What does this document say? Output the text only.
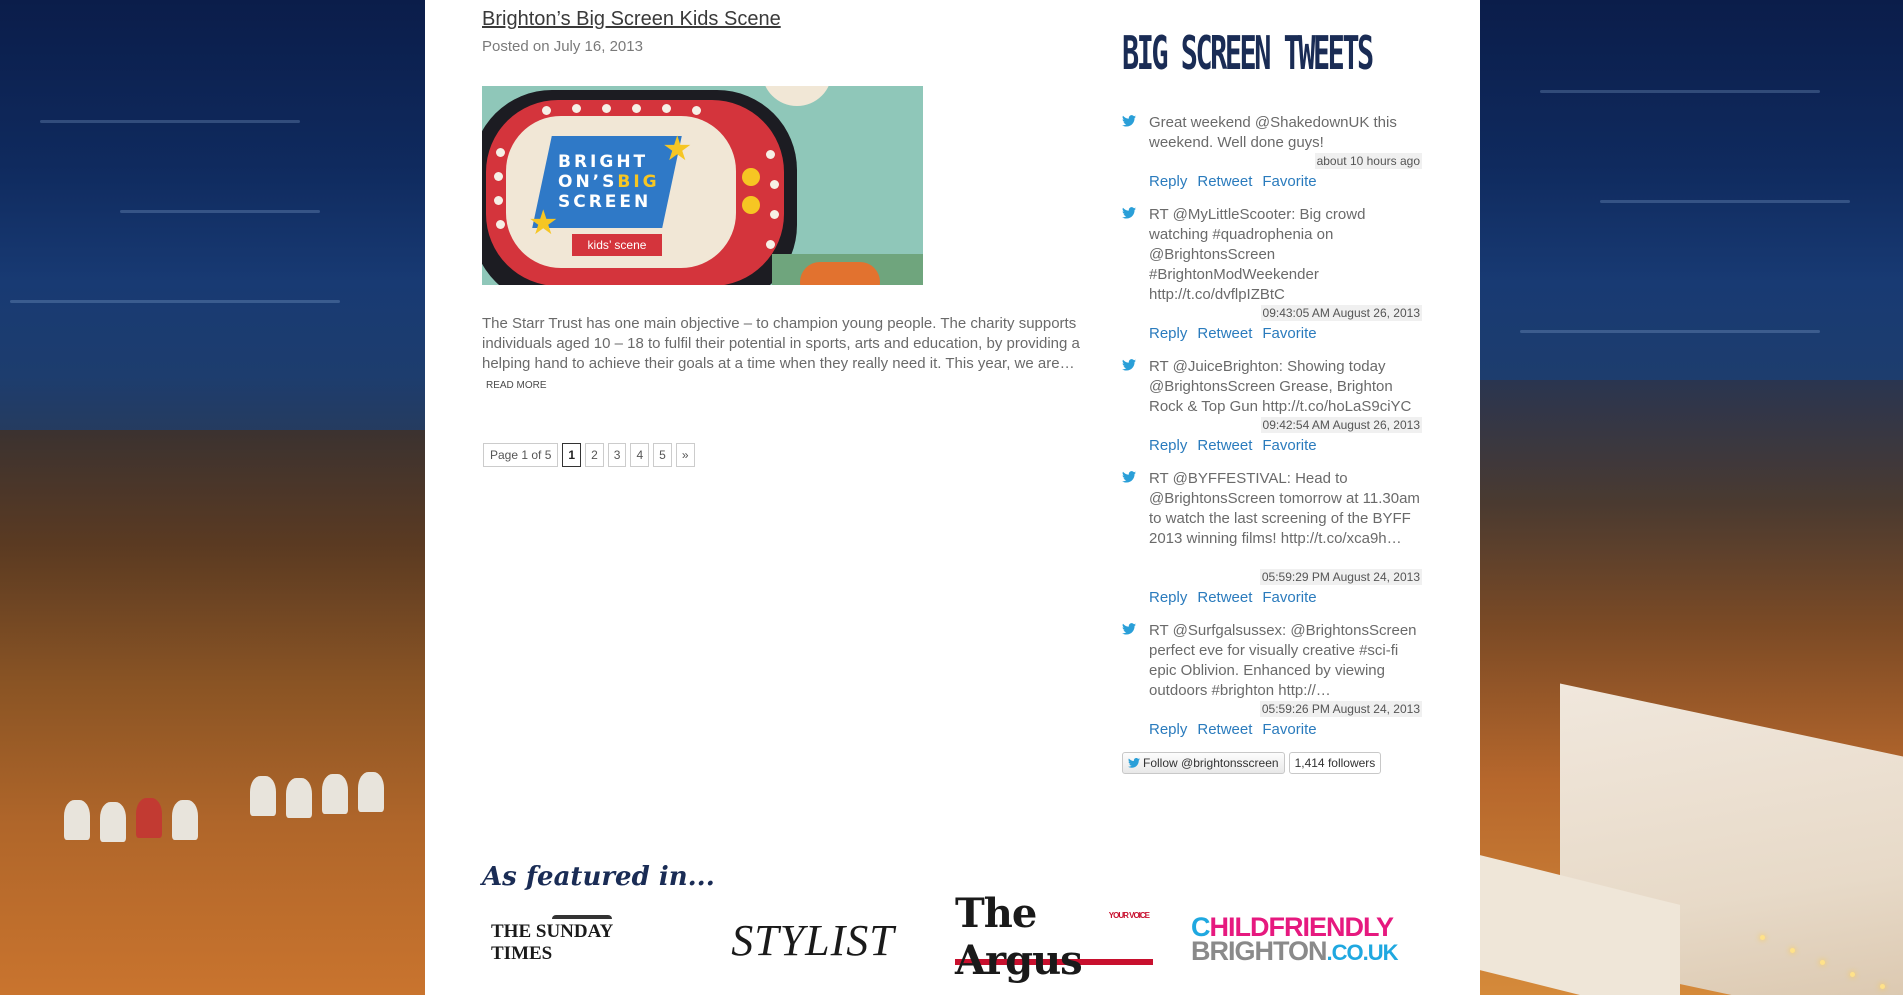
Brighton’s Big Screen Kids Scene
Posted on July 16, 2013
BRIGHT
ON’SBIG
SCREEN
kids’ scene
★
★
The Starr Trust has one main objective – to champion young people. The charity supports individuals aged 10 – 18 to fulfil their potential in sports, arts and education, by providing a helping hand to achieve their goals at a time when they really need it. This year, we are…READ MORE
Page 1 of 5	1	2	3	4	5	»
BIG SCREEN TWEETS
Great weekend @ShakedownUK this weekend. Well done guys!
about 10 hours ago
Reply Retweet Favorite
RT @MyLittleScooter: Big crowd watching #quadrophenia on @BrightonsScreen #BrightonModWeekender http://t.co/dvflpIZBtC
09:43:05 AM August 26, 2013
Reply Retweet Favorite
RT @JuiceBrighton: Showing today @BrightonsScreen Grease, Brighton Rock & Top Gun http://t.co/hoLaS9ciYC
09:42:54 AM August 26, 2013
Reply Retweet Favorite
RT @BYFFESTIVAL: Head to @BrightonsScreen tomorrow at 11.30am to watch the last screening of the BYFF 2013 winning films! http://t.co/xca9h…
05:59:29 PM August 24, 2013
Reply Retweet Favorite
RT @Surfgalsussex: @BrightonsScreen perfect eve for visually creative #sci-fi epic Oblivion. Enhanced by viewing outdoors #brighton http://…
05:59:26 PM August 24, 2013
Reply Retweet Favorite
Follow @brightonsscreen	1,414 followers
As featured in...
THE SUNDAY TIMES	STYLIST
The Argus
YOUR VOICE CHILDFRIENDLY
BRIGHTON.CO.UK
